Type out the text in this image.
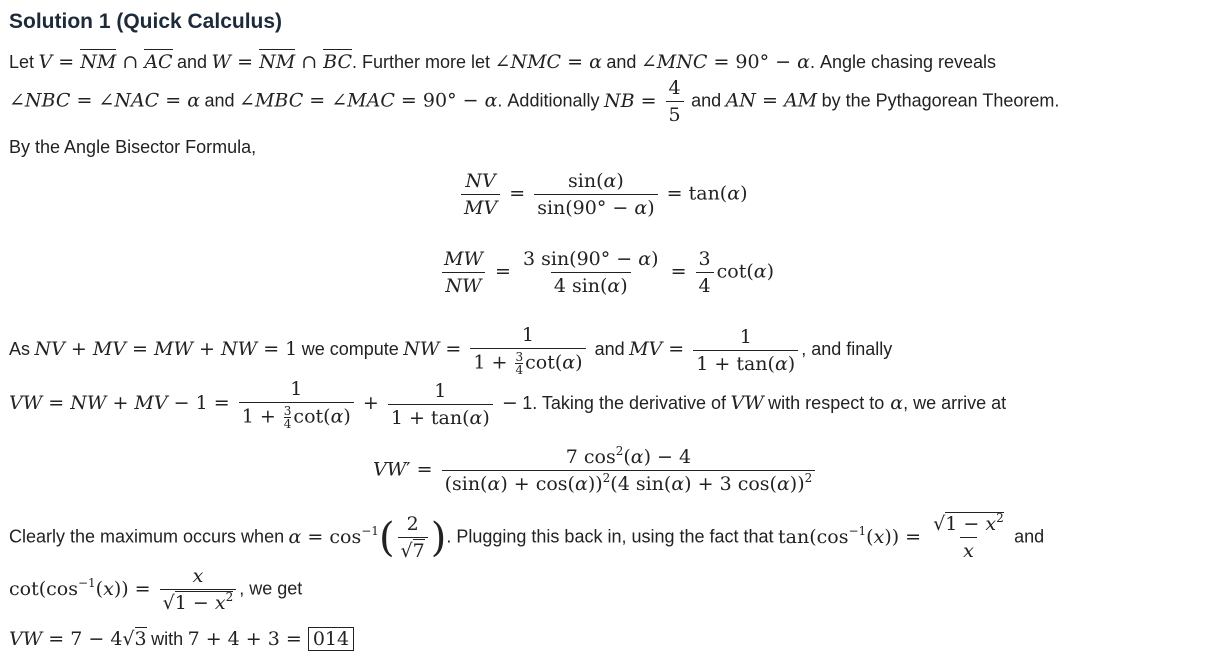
Solution 1 (Quick Calculus)
Let V = NM ∩ AC and W = NM ∩ BC. Further more let ∠NMC = α and ∠MNC = 90° − α. Angle chasing reveals
∠NBC = ∠NAC = α and ∠MBC = ∠MAC = 90° − α. Additionally NB = $\frac{4}{5}$ and AN = AM by the Pythagorean Theorem.
By the Angle Bisector Formula,
$\frac{NV}{MV} = \frac{\sin(\alpha)}{\sin(90^\circ - \alpha)} = \tan(\alpha)$
$\frac{MW}{NW} = \frac{3 \sin(90^\circ - \alpha)}{4 \sin(\alpha)} = \frac{3}{4} \cot(\alpha)$
As NV + MV = MW + NW = 1 we compute NW = $\frac{1}{1 + \frac{3}{4} \cot(\alpha)}$ and MV = $\frac{1}{1 + \tan(\alpha)}$ , and finally
VW = NW + MV − $1 = \frac{1}{1 + \frac{3}{4} \cot(\alpha)} + \frac{1}{1 + \tan(\alpha)} - 1$. Taking the derivative of VW with respect to α, we arrive at
$VW' = \frac{7 \cos^2(\alpha) - 4}{(\sin(\alpha) + \cos(\alpha))^2(4 \sin(\alpha) + 3 \cos(\alpha))^2}$
Clearly the maximum occurs when $\alpha = \cos^{-1}( \frac{2}{√7}$ ). Plugging this back in, using the fact that $\tan(\cos^{-1}(x)) = \frac{√1 - x^2}{x}$ and
$\cot(\cos^{-1}(x)) = \frac{x}{√1 - x^2}$ , we get
VW = 7 − 4√3 with 7 + 4 + 3 = 014
